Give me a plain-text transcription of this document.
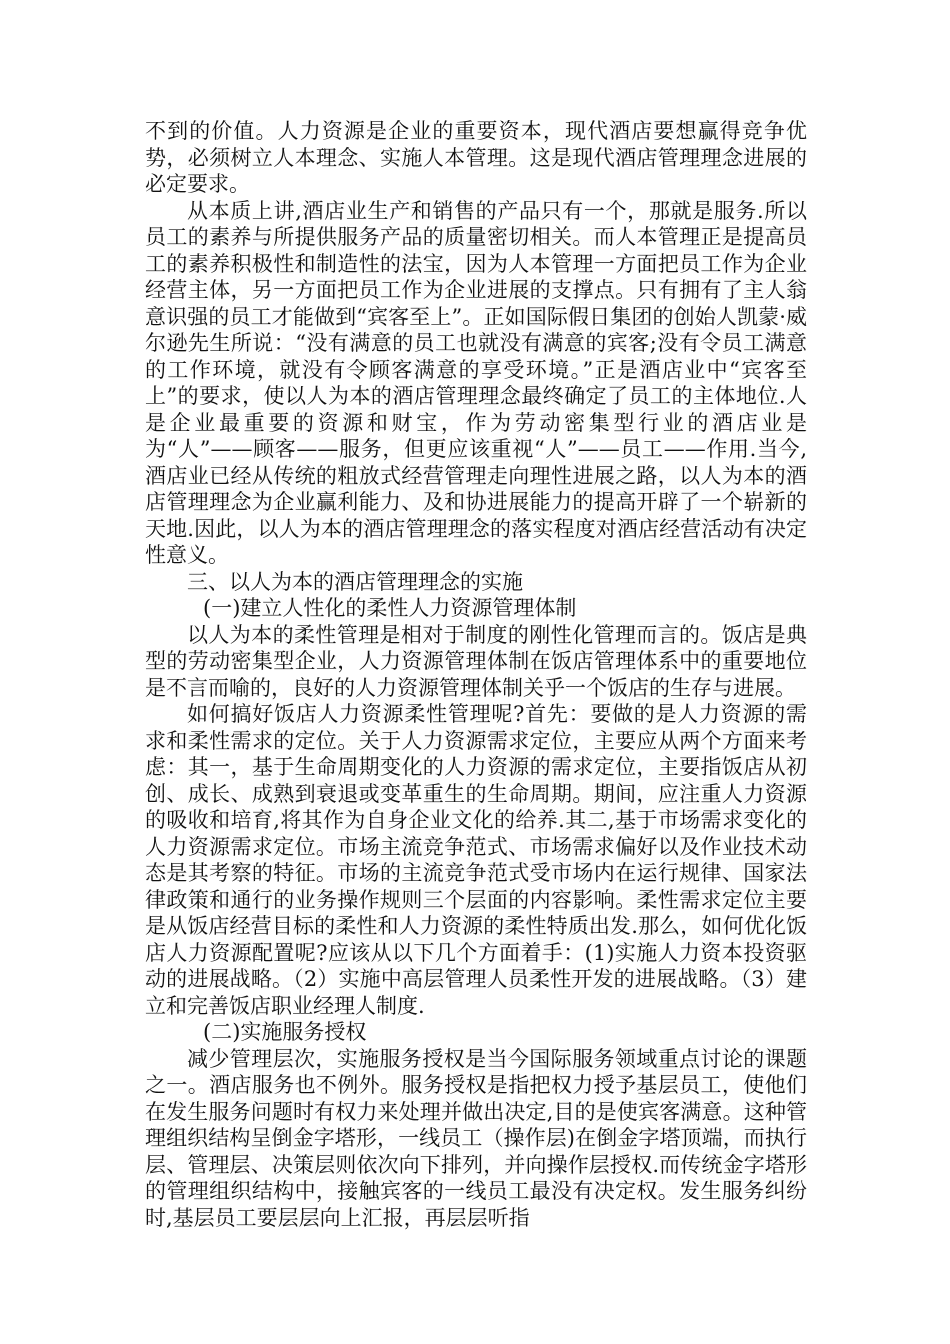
不到的价值。人力资源是企业的重要资本，现代酒店要想赢得竞争优势，必须树立人本理念、实施人本管理。这是现代酒店管理理念进展的必定要求。

从本质上讲,酒店业生产和销售的产品只有一个，那就是服务.所以员工的素养与所提供服务产品的质量密切相关。而人本管理正是提高员工的素养积极性和制造性的法宝，因为人本管理一方面把员工作为企业经营主体，另一方面把员工作为企业进展的支撑点。只有拥有了主人翁意识强的员工才能做到“宾客至上”。正如国际假日集团的创始人凯蒙·威尔逊先生所说：“没有满意的员工也就没有满意的宾客;没有令员工满意的工作环境，就没有令顾客满意的享受环境。”正是酒店业中“宾客至上”的要求，使以人为本的酒店管理理念最终确定了员工的主体地位.人是企业最重要的资源和财宝，作为劳动密集型行业的酒店业是为“人”——顾客——服务，但更应该重视“人”——员工——作用.当今,酒店业已经从传统的粗放式经营管理走向理性进展之路，以人为本的酒店管理理念为企业赢利能力、及和协进展能力的提高开辟了一个崭新的天地.因此，以人为本的酒店管理理念的落实程度对酒店经营活动有决定性意义。

三、以人为本的酒店管理理念的实施

(一)建立人性化的柔性人力资源管理体制

以人为本的柔性管理是相对于制度的刚性化管理而言的。饭店是典型的劳动密集型企业，人力资源管理体制在饭店管理体系中的重要地位是不言而喻的，良好的人力资源管理体制关乎一个饭店的生存与进展。

如何搞好饭店人力资源柔性管理呢?首先：要做的是人力资源的需求和柔性需求的定位。关于人力资源需求定位，主要应从两个方面来考虑：其一，基于生命周期变化的人力资源的需求定位，主要指饭店从初创、成长、成熟到衰退或变革重生的生命周期。期间，应注重人力资源的吸收和培育,将其作为自身企业文化的给养.其二,基于市场需求变化的人力资源需求定位。市场主流竞争范式、市场需求偏好以及作业技术动态是其考察的特征。市场的主流竞争范式受市场内在运行规律、国家法律政策和通行的业务操作规则三个层面的内容影响。柔性需求定位主要是从饭店经营目标的柔性和人力资源的柔性特质出发.那么，如何优化饭店人力资源配置呢?应该从以下几个方面着手：(1)实施人力资本投资驱动的进展战略。（2）实施中高层管理人员柔性开发的进展战略。（3）建立和完善饭店职业经理人制度.

(二)实施服务授权

减少管理层次，实施服务授权是当今国际服务领域重点讨论的课题之一。酒店服务也不例外。服务授权是指把权力授予基层员工，使他们在发生服务问题时有权力来处理并做出决定,目的是使宾客满意。这种管理组织结构呈倒金字塔形，一线员工（操作层)在倒金字塔顶端，而执行层、管理层、决策层则依次向下排列，并向操作层授权.而传统金字塔形的管理组织结构中，接触宾客的一线员工最没有决定权。发生服务纠纷时,基层员工要层层向上汇报，再层层听指
